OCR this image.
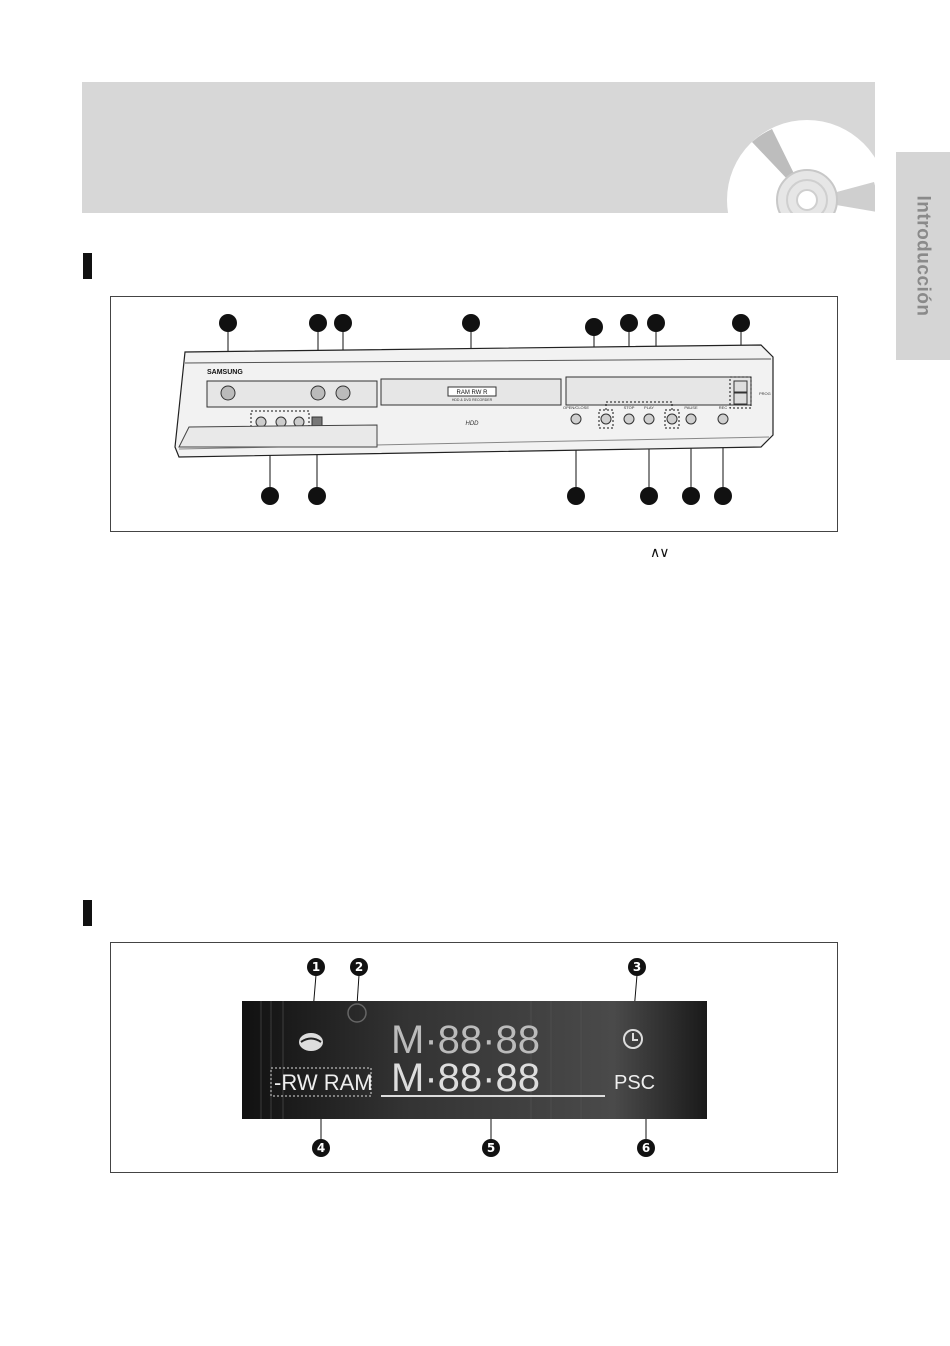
Introducción
SAMSUNG
RAM RW R
HDD & DVD RECORDER
HDD
OPEN/CLOSE	STOP PLAY	PAUSE	REC
PROG
∧∨
M·88·88
M·88·88
-RW RAM	PSC
1	2	3
4	5	6
